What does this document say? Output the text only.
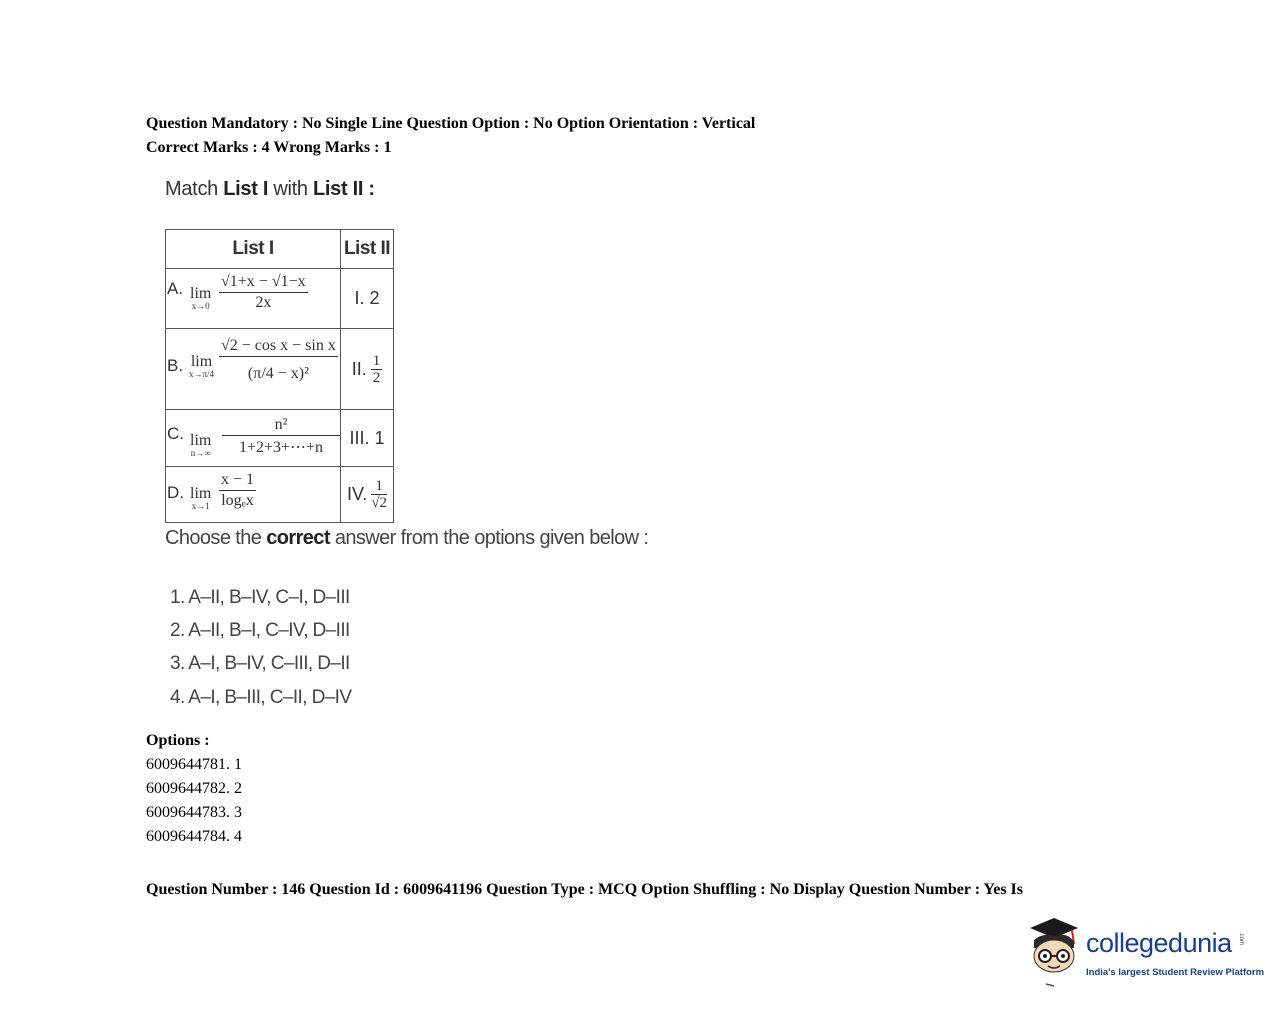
Question Mandatory : No Single Line Question Option : No Option Orientation : Vertical
Correct Marks : 4 Wrong Marks : 1
Match List I with List II :
List I	List II

A. lim
$x\to 0 \frac{√1+x - √1-x}{2x}$	I. 2

B. lim
$x\to\pi/4 \frac{\text{√2 − cos x − sin x}}{\text{(π/4 − x)²}}$	II. $\frac{1}{2}$

C. lim
$n\to\infty \frac{\text{n²}}{1+2+3+\cdots+n}$	III. 1

D. lim
$x\to 1 \frac{x - 1}{\text{logₑx}}$	IV. $\frac{1}{√2}$
Choose the correct answer from the options given below :
1. A–II, B–IV, C–I, D–III
2. A–II, B–I, C–IV, D–III
3. A–I, B–IV, C–III, D–II
4. A–I, B–III, C–II, D–IV
Options :
6009644781. 1
6009644782. 2
6009644783. 3
6009644784. 4
Question Number : 146 Question Id : 6009641196 Question Type : MCQ Option Shuffling : No Display Question Number : Yes Is
collegedunia .com
India's largest Student Review Platform
